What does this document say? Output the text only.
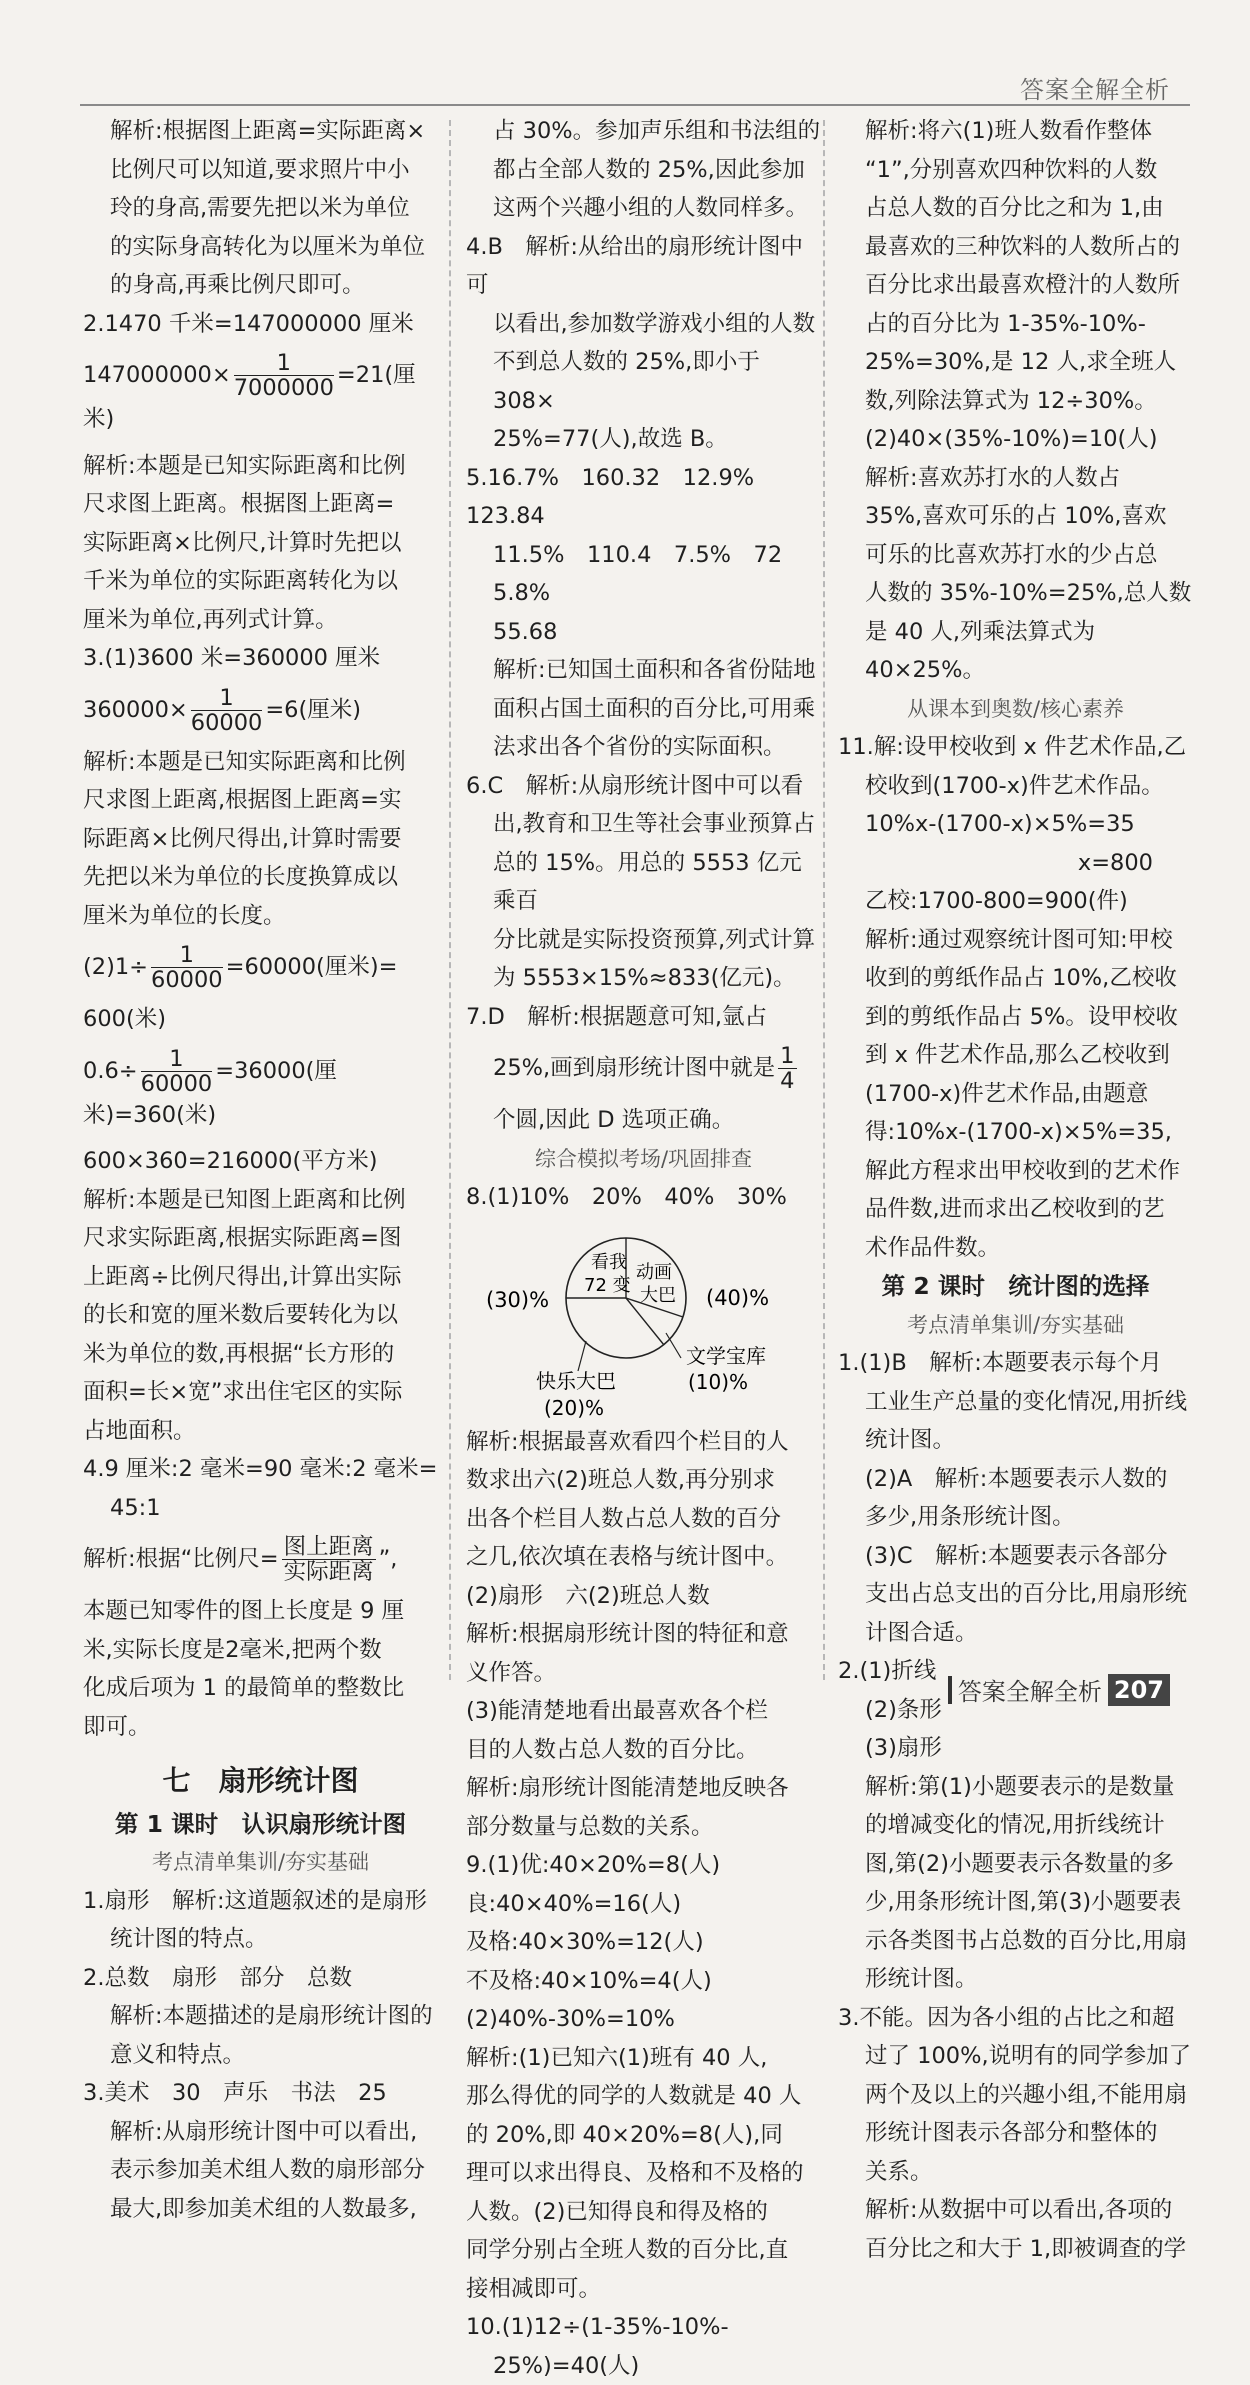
答案全解全析

解析:根据图上距离=实际距离×

比例尺可以知道,要求照片中小

玲的身高,需要先把以米为单位

的实际身高转化为以厘米为单位

的身高,再乘比例尺即可。

2.1470 千米=147000000 厘米

$147000000\times \frac{1}{7000000} =21$(厘米)

解析:本题是已知实际距离和比例

尺求图上距离。根据图上距离=

实际距离×比例尺,计算时先把以

千米为单位的实际距离转化为以

厘米为单位,再列式计算。

3.(1)3600 米=360000 厘米

$360000\times \frac{1}{60000} =6$(厘米)

解析:本题是已知实际距离和比例

尺求图上距离,根据图上距离=实

际距离×比例尺得出,计算时需要

先把以米为单位的长度换算成以

厘米为单位的长度。

$(2)1\div \frac{1}{60000} =60000$(厘米)=

600(米)

$0.6\div \frac{1}{60000} =36000$(厘米)=360(米)

600×360=216000(平方米)

解析:本题是已知图上距离和比例

尺求实际距离,根据实际距离=图

上距离÷比例尺得出,计算出实际

的长和宽的厘米数后要转化为以

米为单位的数,再根据“长方形的

面积=长×宽”求出住宅区的实际

占地面积。

4.9 厘米:2 毫米=90 毫米:2 毫米=

45:1

解析:根据“比例尺= $\frac{\text{图上距离}}{\text{实际距离}}$ ”,

本题已知零件的图上长度是 9 厘

米,实际长度是2毫米,把两个数

化成后项为 1 的最简单的整数比

即可。

七　扇形统计图
第 1 课时　认识扇形统计图
考点清单集训/夯实基础

1.扇形　解析:这道题叙述的是扇形

统计图的特点。

2.总数　扇形　部分　总数

解析:本题描述的是扇形统计图的

意义和特点。

3.美术　30　声乐　书法　25

解析:从扇形统计图中可以看出,

表示参加美术组人数的扇形部分

最大,即参加美术组的人数最多,

占 30%。参加声乐组和书法组的

都占全部人数的 25%,因此参加

这两个兴趣小组的人数同样多。

4.B　解析:从给出的扇形统计图中可

以看出,参加数学游戏小组的人数

不到总人数的 25%,即小于 308×

25%=77(人),故选 B。

5.16.7%　160.32　12.9%　123.84

11.5%　110.4　7.5%　72　5.8%

55.68

解析:已知国土面积和各省份陆地

面积占国土面积的百分比,可用乘

法求出各个省份的实际面积。

6.C　解析:从扇形统计图中可以看

出,教育和卫生等社会事业预算占

总的 15%。用总的 5553 亿元乘百

分比就是实际投资预算,列式计算

为 5553×15%≈833(亿元)。

7.D　解析:根据题意可知,氩占

25%,画到扇形统计图中就是 $\frac{1}{4}$

个圆,因此 D 选项正确。

综合模拟考场/巩固排查

8.(1)10%　20%　40%　30%

(30)%	(40)%
看我
72 变
动画
大巴
快乐大巴
(20)%
文学宝库
(10)%

解析:根据最喜欢看四个栏目的人

数求出六(2)班总人数,再分别求

出各个栏目人数占总人数的百分

之几,依次填在表格与统计图中。

(2)扇形　六(2)班总人数

解析:根据扇形统计图的特征和意

义作答。

(3)能清楚地看出最喜欢各个栏

目的人数占总人数的百分比。

解析:扇形统计图能清楚地反映各

部分数量与总数的关系。

9.(1)优:40×20%=8(人)

良:40×40%=16(人)

及格:40×30%=12(人)

不及格:40×10%=4(人)

(2)40%-30%=10%

解析:(1)已知六(1)班有 40 人,

那么得优的同学的人数就是 40 人

的 20%,即 40×20%=8(人),同

理可以求出得良、及格和不及格的

人数。(2)已知得良和得及格的

同学分别占全班人数的百分比,直

接相减即可。

10.(1)12÷(1-35%-10%-

25%)=40(人)

解析:将六(1)班人数看作整体

“1”,分别喜欢四种饮料的人数

占总人数的百分比之和为 1,由

最喜欢的三种饮料的人数所占的

百分比求出最喜欢橙汁的人数所

占的百分比为 1-35%-10%-

25%=30%,是 12 人,求全班人

数,列除法算式为 12÷30%。

(2)40×(35%-10%)=10(人)

解析:喜欢苏打水的人数占

35%,喜欢可乐的占 10%,喜欢

可乐的比喜欢苏打水的少占总

人数的 35%-10%=25%,总人数

是 40 人,列乘法算式为 40×25%。

从课本到奥数/核心素养

11.解:设甲校收到 x 件艺术作品,乙

校收到(1700-x)件艺术作品。

10%x-(1700-x)×5%=35

x=800

乙校:1700-800=900(件)

解析:通过观察统计图可知:甲校

收到的剪纸作品占 10%,乙校收

到的剪纸作品占 5%。设甲校收

到 x 件艺术作品,那么乙校收到

(1700-x)件艺术作品,由题意

得:10%x-(1700-x)×5%=35,

解此方程求出甲校收到的艺术作

品件数,进而求出乙校收到的艺

术作品件数。

第 2 课时　统计图的选择
考点清单集训/夯实基础

1.(1)B　解析:本题要表示每个月

工业生产总量的变化情况,用折线

统计图。

(2)A　解析:本题要表示人数的

多少,用条形统计图。

(3)C　解析:本题要表示各部分

支出占总支出的百分比,用扇形统

计图合适。

2.(1)折线

(2)条形

(3)扇形

解析:第(1)小题要表示的是数量

的增减变化的情况,用折线统计

图,第(2)小题要表示各数量的多

少,用条形统计图,第(3)小题要表

示各类图书占总数的百分比,用扇

形统计图。

3.不能。因为各小组的占比之和超

过了 100%,说明有的同学参加了

两个及以上的兴趣小组,不能用扇

形统计图表示各部分和整体的

关系。

解析:从数据中可以看出,各项的

百分比之和大于 1,即被调查的学

答案全解全析 207
